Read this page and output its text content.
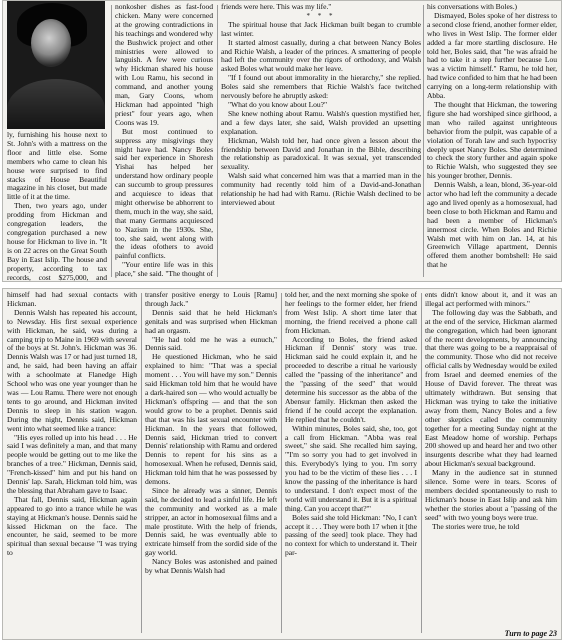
ly, furnishing his house next to St. John's with a mattress on the floor and little else. Some members who came to clean his house were surprised to find stacks of House Beautiful magazine in his closet, but made little of it at the time.

Then, two years ago, under prodding from Hickman and congregation leaders, the congregation purchased a new house for Hickman to live in. "It is on 22 acres on the Great South Bay in East Islip. The house and property, according to tax records, cost $275,000, and

nonkosher dishes as fast-food chicken. Many were concerned at the growing contradictions in his teachings and wondered why the Bushwick project and other ministries were allowed to languish. A few were curious why Hickman shared his house with Lou Ramu, his second in command, and another young man, Gary Coons, whom Hickman had appointed "high priest" four years ago, when Coons was 19.

But most continued to suppress any misgivings they might have had. Nancy Boles said her experience in Shoresh Yishai has helped her understand how ordinary people can succumb to group pressures and acquiesce to ideas that might otherwise be abhorrent to them, much in the way, she said, that many Germans acquiesced to Nazism in the 1930s. She, too, she said, went along with the ideas ofothers to avoid painful conflicts.

"Your entire life was in this place," she said. "The thought of

friends were here. This was my life."

* * *

The spiritual house that Jack Hickman built began to crumble last winter.

It started almost casually, during a chat between Nancy Boles and Richie Walsh, a leader of the princes. A smattering of people had left the community over the rigors of orthodoxy, and Walsh asked Boles what would make her leave.

"If I found out about immorality in the hierarchy," she replied. Boles said she remembers that Richie Walsh's face twitched nervously before he abruptly asked:

"What do you know about Lou?"

She knew nothing about Ramu. Walsh's question mystified her, and a few days later, she said, Walsh provided an upsetting explanation.

Hickman, Walsh told her, had once given a lesson about the friendship between David and Jonathan in the Bible, describing the relationship as paradoxical. It was sexual, yet transcended sexuality.

Walsh said what concerned him was that a married man in the community had recently told him of a David-and-Jonathan relationship he had had with Ramu. (Richie Walsh declined to be interviewed about

his conversations with Boles.)

Dismayed, Boles spoke of her distress to a second close friend, another former elder, who lives in West Islip. The former elder added a far more startling disclosure. He told her, Boles said, that "he was afraid he had to take it a step further because Lou was a victim himself." Ramu, he told her, had twice confided to him that he had been carrying on a long-term relationship with Abba.

The thought that Hickman, the towering figure she had worshiped since girlhood, a man who railed against unrighteous behavior from the pulpit, was capable of a violation of Torah law and such hypocrisy deeply upset Nancy Boles. She determined to check the story further and again spoke to Richie Walsh, who suggested they see his younger brother, Dennis.

Dennis Walsh, a lean, blond, 36-year-old actor who had left the community a decade ago and lived openly as a homosexual, had been close to both Hickman and Ramu and had been a member of Hickman's innermost circle. When Boles and Richie Walsh met with him on Jan. 14, at his Greenwich Village apartment, Dennis offered them another bombshell: He said that he

himself had had sexual contacts with Hickman.

Dennis Walsh has repeated his account, to Newsday. His first sexual experience with Hickman, he said, was during a camping trip to Maine in 1969 with several of the boys at St. John's. Hickman was 36. Dennis Walsh was 17 or had just turned 18, and, he said, had been having an affair with a schoolmate at Flanedge High School who was one year younger than he was — Lou Ramu. There were not enough tents to go around, and Hickman invited Dennis to sleep in his station wagon. During the night, Dennis said, Hickman went into what seemed like a trance:

"His eyes rolled up into his head . . . He said I was definitely a man, and that many people would be getting out to me like the branches of a tree." Hickman, Dennis said, "French-kissed" him and put his hand on Dennis' lap. Sarah, Hickman told him, was the blessing that Abraham gave to Isaac.

That fall, Dennis said, Hickman again appeared to go into a trance while he was staying at Hickman's house. Dennis said he kissed Hickman on the face. The encounter, he said, seemed to be more spiritual than sexual because "I was trying to

transfer positive energy to Louis [Ramu] through Jack."

Dennis said that he held Hickman's genitals and was surprised when Hickman had an orgasm.

"He had told me he was a eunuch," Dennis said.

He questioned Hickman, who he said explained to him: "That was a special moment . . . You will have my son." Dennis said Hickman told him that he would have a dark-haired son — who would actually be Hickman's offspring — and that the son would grow to be a prophet. Dennis said that that was his last sexual encounter with Hickman. In the years that followed, Dennis said, Hickman tried to convert Dennis' relationship with Ramu and ordered Dennis to repent for his sins as a homosexual. When he refused, Dennis said, Hickman told him that he was possessed by demons.

Since he already was a sinner, Dennis said, he decided to lead a sinful life. He left the community and worked as a male stripper, an actor in homosexual films and a male prostitute. With the help of friends, Dennis said, he was eventually able to extricate himself from the sordid side of the gay world.

Nancy Boles was astonished and pained by what Dennis Walsh had

told her, and the next morning she spoke of her feelings to the former elder, her friend from West Islip. A short time later that morning, the friend received a phone call from Hickman.

According to Boles, the friend asked Hickman if Dennis' story was true. Hickman said he could explain it, and he proceeded to describe a ritual he variously called the "passing of the inheritance" and the "passing of the seed" that would determine his successor as the abba of the Abensur family. Hickman then asked the friend if he could accept the explanation. He replied that he couldn't.

Within minutes, Boles said, she, too, got a call from Hickman. "Abba was real sweet," she said. She recalled him saying, "'I'm so sorry you had to get involved in this. Everybody's lying to you. I'm sorry you had to be the victim of these lies . . . I know the passing of the inheritance is hard to understand. I don't expect most of the world will understand it. But it is a spiritual thing. Can you accept that?'"

Boles said she told Hickman: "No, I can't accept it . . . They were both 17 when it [the passing of the seed] took place. They had no context for which to understand it. Their par-

ents didn't know about it, and it was an illegal act performed with minors."

The following day was the Sabbath, and at the end of the service, Hickman alarmed the congregation, which had been ignorant of the recent developments, by announcing that there was going to be a reappraisal of the community. Those who did not receive official calls by Wednesday would be exiled from Israel and deemed enemies of the House of David forever. The threat was ultimately withdrawn. But sensing that Hickman was trying to take the initiative away from them, Nancy Boles and a few other skeptics called the community together for a meeting Sunday night at the East Meadow home of worship. Perhaps 200 showed up and heard her and two other insurgents describe what they had learned about Hickman's sexual background.

Many in the audience sat in stunned silence. Some were in tears. Scores of members decided spontaneously to rush to Hickman's house in East Islip and ask him whether the stories about a "passing of the seed" with two young boys were true.

The stories were true, he told

Turn to page 23
